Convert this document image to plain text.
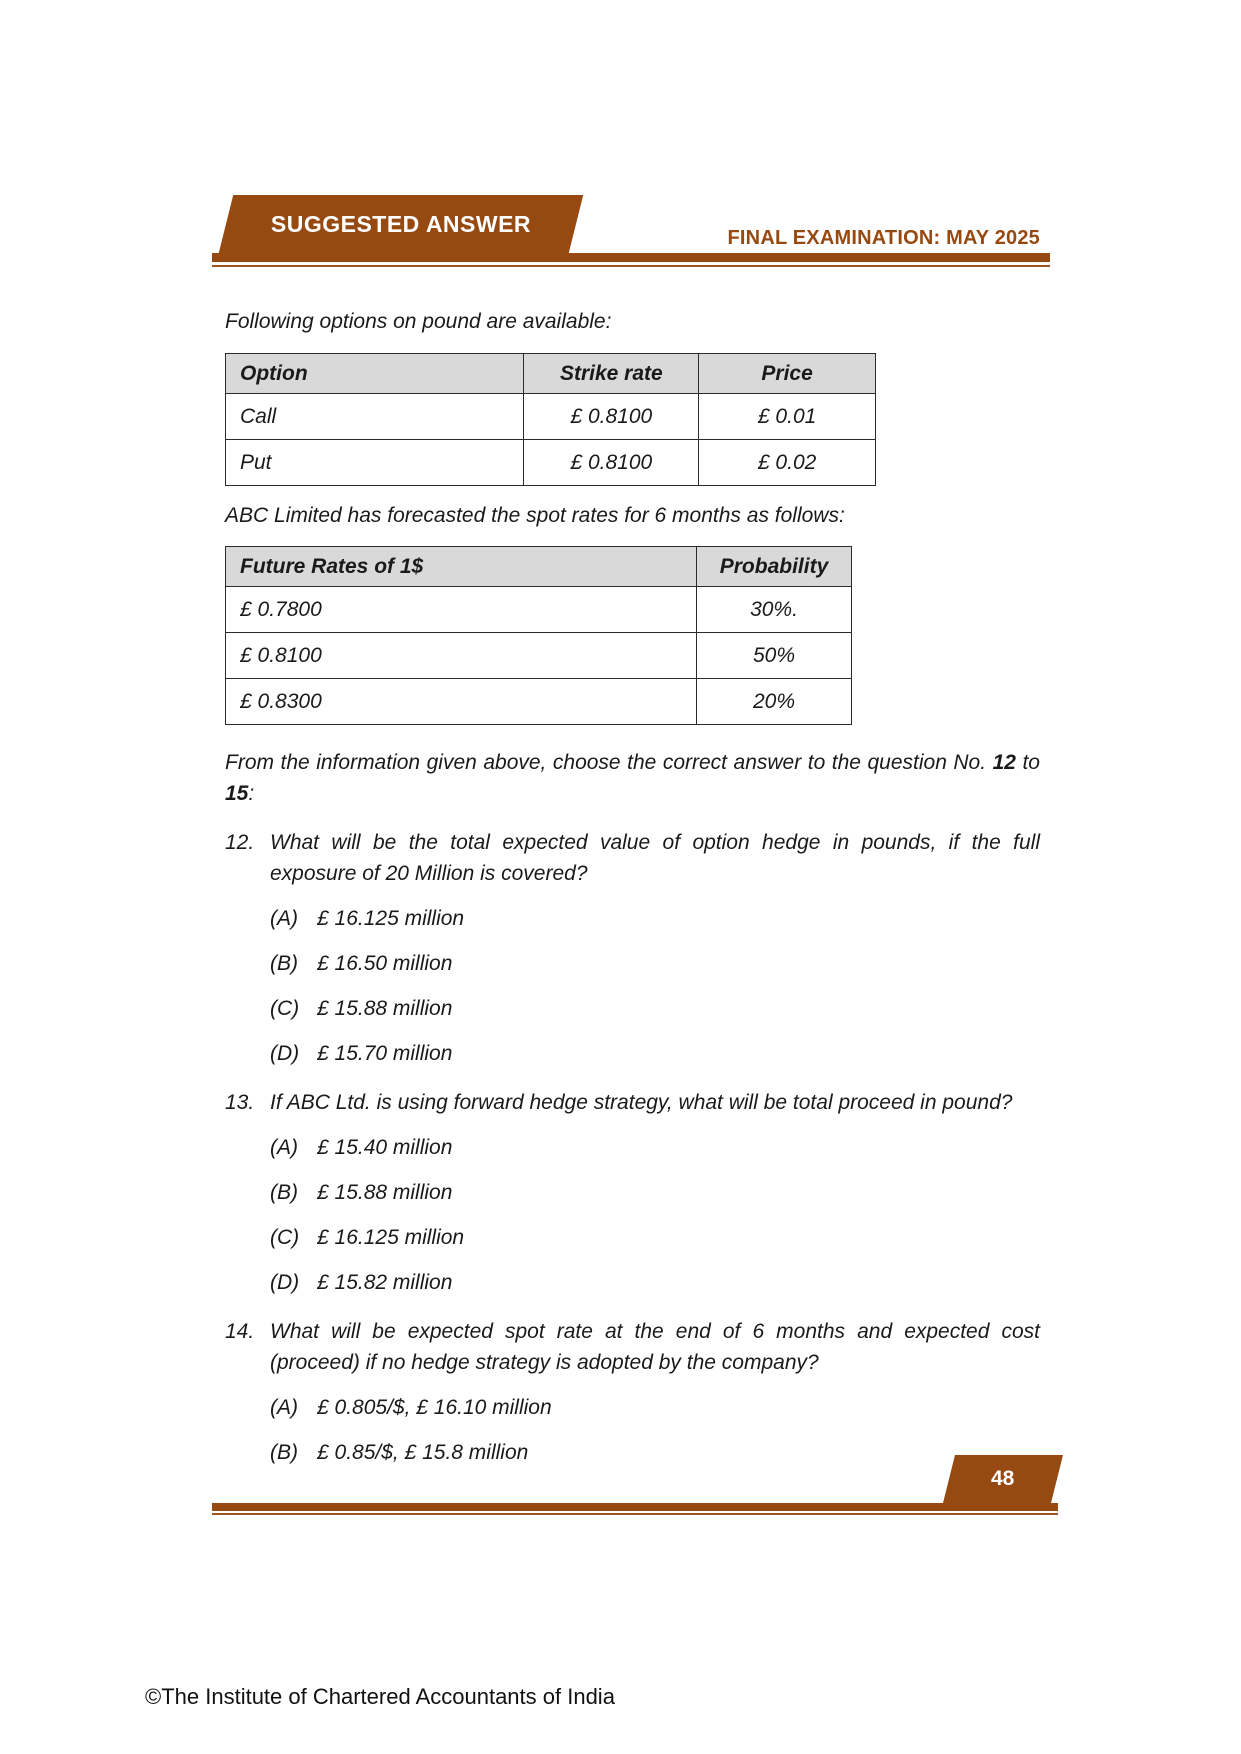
SUGGESTED ANSWER
FINAL EXAMINATION: MAY 2025
Following options on pound are available:
Option	Strike rate	Price
Call	£ 0.8100	£ 0.01
Put	£ 0.8100	£ 0.02
ABC Limited has forecasted the spot rates for 6 months as follows:
Future Rates of 1$	Probability
£ 0.7800	30%.
£ 0.8100	50%
£ 0.8300	20%
From the information given above, choose the correct answer to the question No. 12 to 15:
12. What will be the total expected value of option hedge in pounds, if the full exposure of 20 Million is covered?
(A) £ 16.125 million
(B) £ 16.50 million
(C) £ 15.88 million
(D) £ 15.70 million
13. If ABC Ltd. is using forward hedge strategy, what will be total proceed in pound?
(A) £ 15.40 million
(B) £ 15.88 million
(C) £ 16.125 million
(D) £ 15.82 million
14. What will be expected spot rate at the end of 6 months and expected cost (proceed) if no hedge strategy is adopted by the company?
(A) £ 0.805/$, £ 16.10 million
(B) £ 0.85/$, £ 15.8 million
48
©The Institute of Chartered Accountants of India
